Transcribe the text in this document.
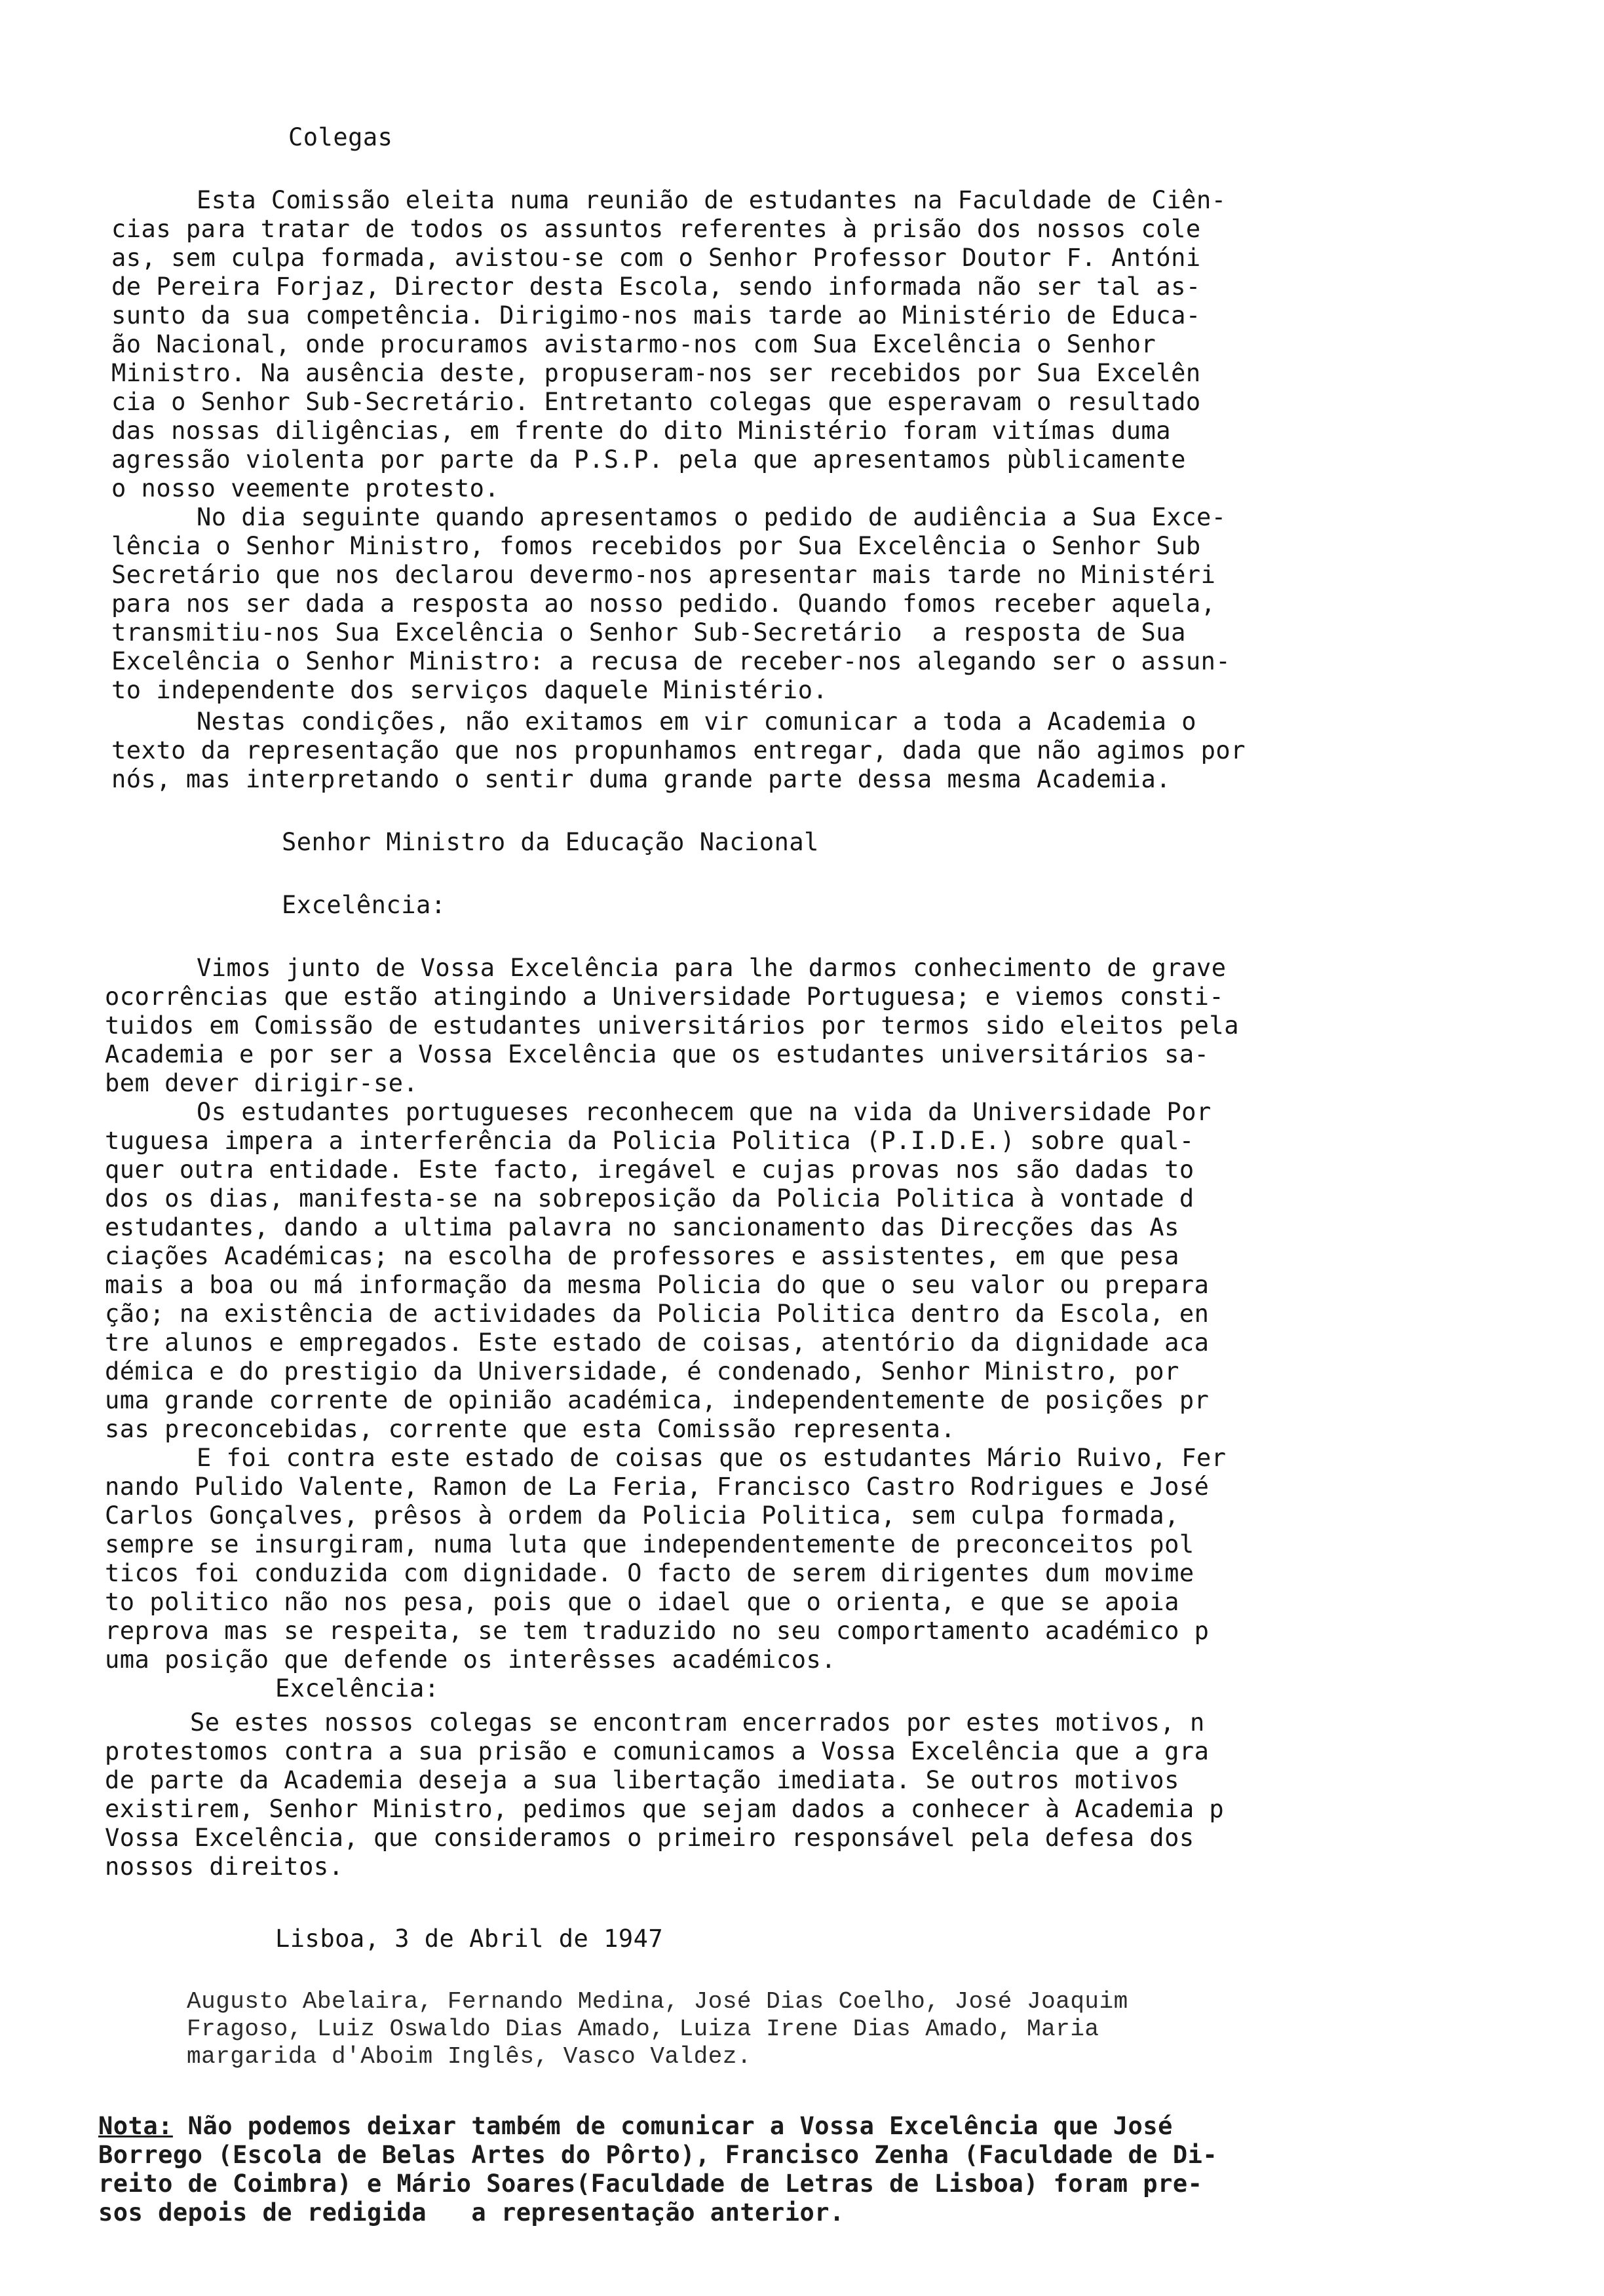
Colegas
Esta Comissão eleita numa reunião de estudantes na Faculdade de Ciên-
cias para tratar de todos os assuntos referentes à prisão dos nossos cole
as, sem culpa formada, avistou-se com o Senhor Professor Doutor F. Antóni
de Pereira Forjaz, Director desta Escola, sendo informada não ser tal as-
sunto da sua competência. Dirigimo-nos mais tarde ao Ministério de Educa-
ão Nacional, onde procuramos avistarmo-nos com Sua Excelência o Senhor
Ministro. Na ausência deste, propuseram-nos ser recebidos por Sua Excelên
cia o Senhor Sub-Secretário. Entretanto colegas que esperavam o resultado
das nossas diligências, em frente do dito Ministério foram vitímas duma
agressão violenta por parte da P.S.P. pela que apresentamos pùblicamente
o nosso veemente protesto.
No dia seguinte quando apresentamos o pedido de audiência a Sua Exce-
lência o Senhor Ministro, fomos recebidos por Sua Excelência o Senhor Sub
Secretário que nos declarou devermo-nos apresentar mais tarde no Ministéri
para nos ser dada a resposta ao nosso pedido. Quando fomos receber aquela,
transmitiu-nos Sua Excelência o Senhor Sub-Secretário  a resposta de Sua
Excelência o Senhor Ministro: a recusa de receber-nos alegando ser o assun-
to independente dos serviços daquele Ministério.
Nestas condições, não exitamos em vir comunicar a toda a Academia o
texto da representação que nos propunhamos entregar, dada que não agimos por
nós, mas interpretando o sentir duma grande parte dessa mesma Academia.
Senhor Ministro da Educação Nacional
Excelência:
Vimos junto de Vossa Excelência para lhe darmos conhecimento de grave
ocorrências que estão atingindo a Universidade Portuguesa; e viemos consti-
tuidos em Comissão de estudantes universitários por termos sido eleitos pela
Academia e por ser a Vossa Excelência que os estudantes universitários sa-
bem dever dirigir-se.
Os estudantes portugueses reconhecem que na vida da Universidade Por
tuguesa impera a interferência da Policia Politica (P.I.D.E.) sobre qual-
quer outra entidade. Este facto, iregável e cujas provas nos são dadas to
dos os dias, manifesta-se na sobreposição da Policia Politica à vontade d
estudantes, dando a ultima palavra no sancionamento das Direcções das As
ciações Académicas; na escolha de professores e assistentes, em que pesa
mais a boa ou má informação da mesma Policia do que o seu valor ou prepara
ção; na existência de actividades da Policia Politica dentro da Escola, en
tre alunos e empregados. Este estado de coisas, atentório da dignidade aca
démica e do prestigio da Universidade, é condenado, Senhor Ministro, por
uma grande corrente de opinião académica, independentemente de posições pr
sas preconcebidas, corrente que esta Comissão representa.
E foi contra este estado de coisas que os estudantes Mário Ruivo, Fer
nando Pulido Valente, Ramon de La Feria, Francisco Castro Rodrigues e José
Carlos Gonçalves, prêsos à ordem da Policia Politica, sem culpa formada,
sempre se insurgiram, numa luta que independentemente de preconceitos pol
ticos foi conduzida com dignidade. O facto de serem dirigentes dum movime
to politico não nos pesa, pois que o idael que o orienta, e que se apoia
reprova mas se respeita, se tem traduzido no seu comportamento académico p
uma posição que defende os interêsses académicos.
Excelência:
Se estes nossos colegas se encontram encerrados por estes motivos, n
protestomos contra a sua prisão e comunicamos a Vossa Excelência que a gra
de parte da Academia deseja a sua libertação imediata. Se outros motivos
existirem, Senhor Ministro, pedimos que sejam dados a conhecer à Academia p
Vossa Excelência, que consideramos o primeiro responsável pela defesa dos
nossos direitos.
Lisboa, 3 de Abril de 1947
Augusto Abelaira, Fernando Medina, José Dias Coelho, José Joaquim
Fragoso, Luiz Oswaldo Dias Amado, Luiza Irene Dias Amado, Maria
margarida d'Aboim Inglês, Vasco Valdez.
Nota: Não podemos deixar também de comunicar a Vossa Excelência que José
Borrego (Escola de Belas Artes do Pôrto), Francisco Zenha (Faculdade de Di-
reito de Coimbra) e Mário Soares(Faculdade de Letras de Lisboa) foram pre-
sos depois de redigida   a representação anterior.
